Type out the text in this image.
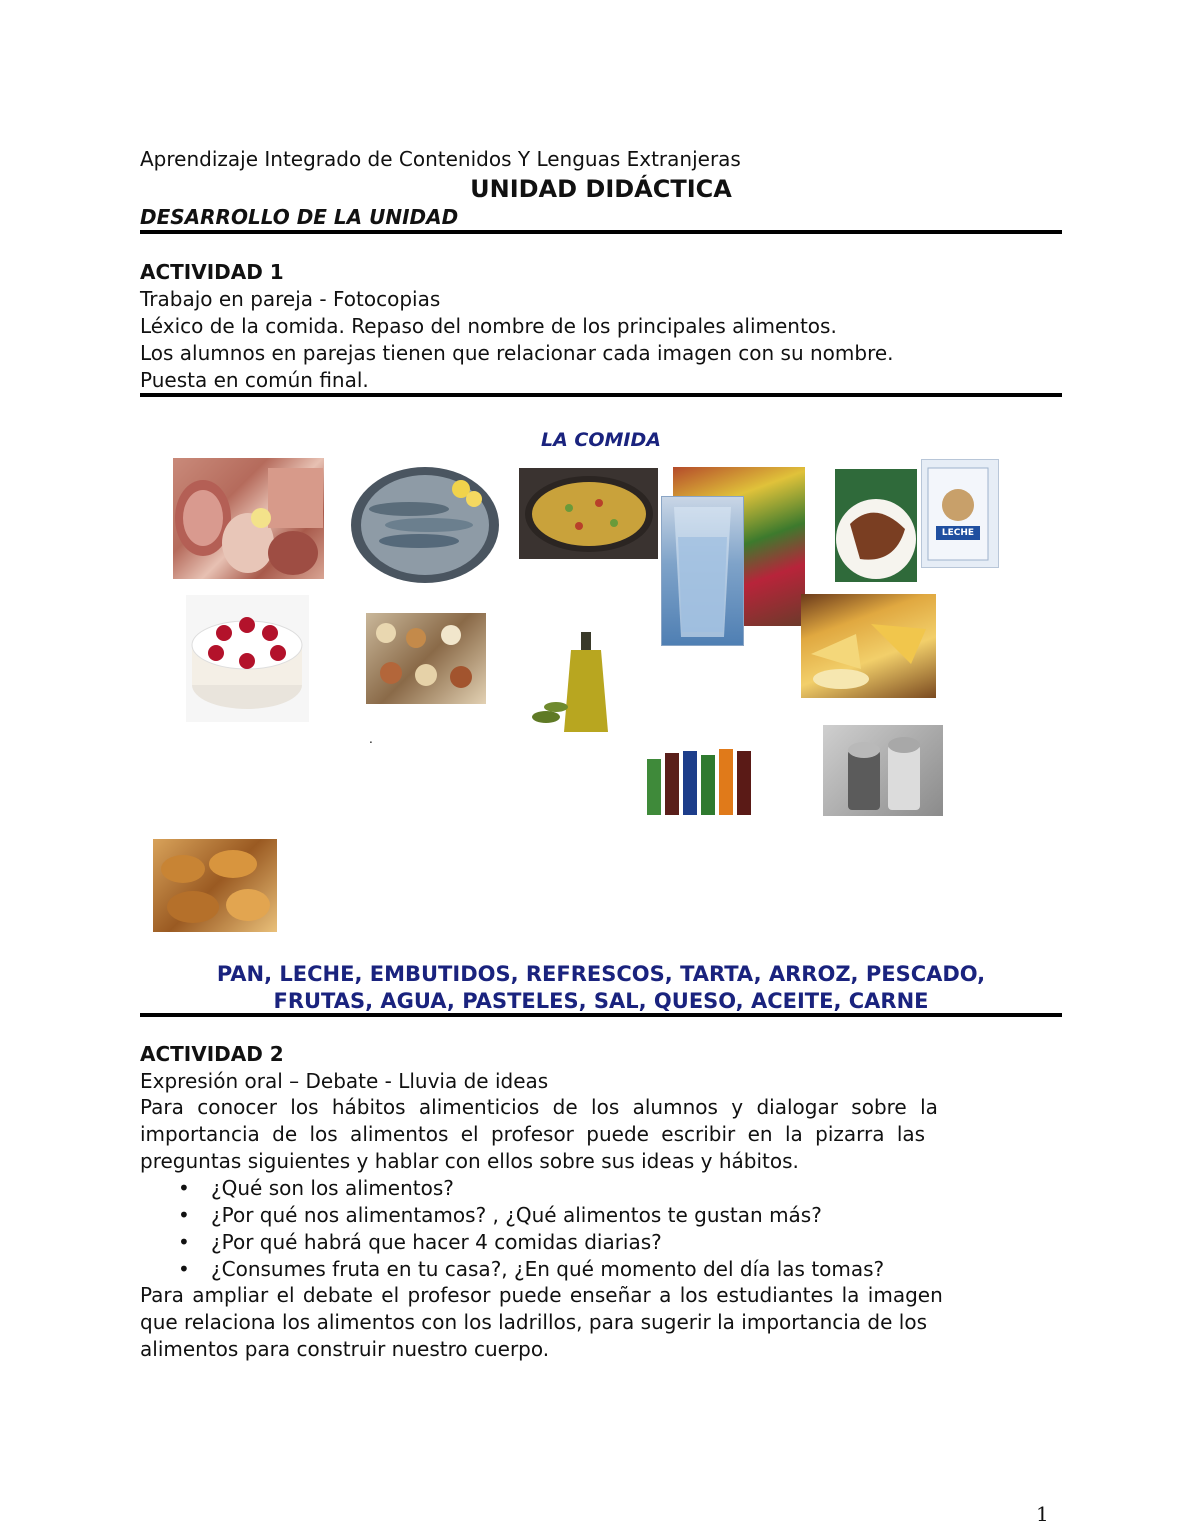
Aprendizaje Integrado de Contenidos Y Lenguas Extranjeras
UNIDAD DIDÁCTICA
DESARROLLO DE LA UNIDAD
ACTIVIDAD 1
Trabajo en pareja - Fotocopias
Léxico de la comida. Repaso del nombre de los principales alimentos.
Los alumnos en parejas tienen que relacionar cada imagen con su nombre.
Puesta en común final.
LA COMIDA
.
PAN, LECHE, EMBUTIDOS, REFRESCOS, TARTA, ARROZ, PESCADO,
FRUTAS, AGUA, PASTELES, SAL, QUESO, ACEITE, CARNE
ACTIVIDAD 2
Expresión oral – Debate - Lluvia de ideas
Para conocer los hábitos alimenticios de los alumnos y dialogar sobre la
importancia de los alimentos el profesor puede escribir en la pizarra las
preguntas siguientes y hablar con ellos sobre sus ideas y hábitos.
• ¿Qué son los alimentos?
• ¿Por qué nos alimentamos? , ¿Qué alimentos te gustan más?
• ¿Por qué habrá que hacer 4 comidas diarias?
• ¿Consumes fruta en tu casa?, ¿En qué momento del día las tomas?
Para ampliar el debate el profesor puede enseñar a los estudiantes la imagen
que relaciona los alimentos con los ladrillos, para sugerir la importancia de los
alimentos para construir nuestro cuerpo.
LECHE
1
